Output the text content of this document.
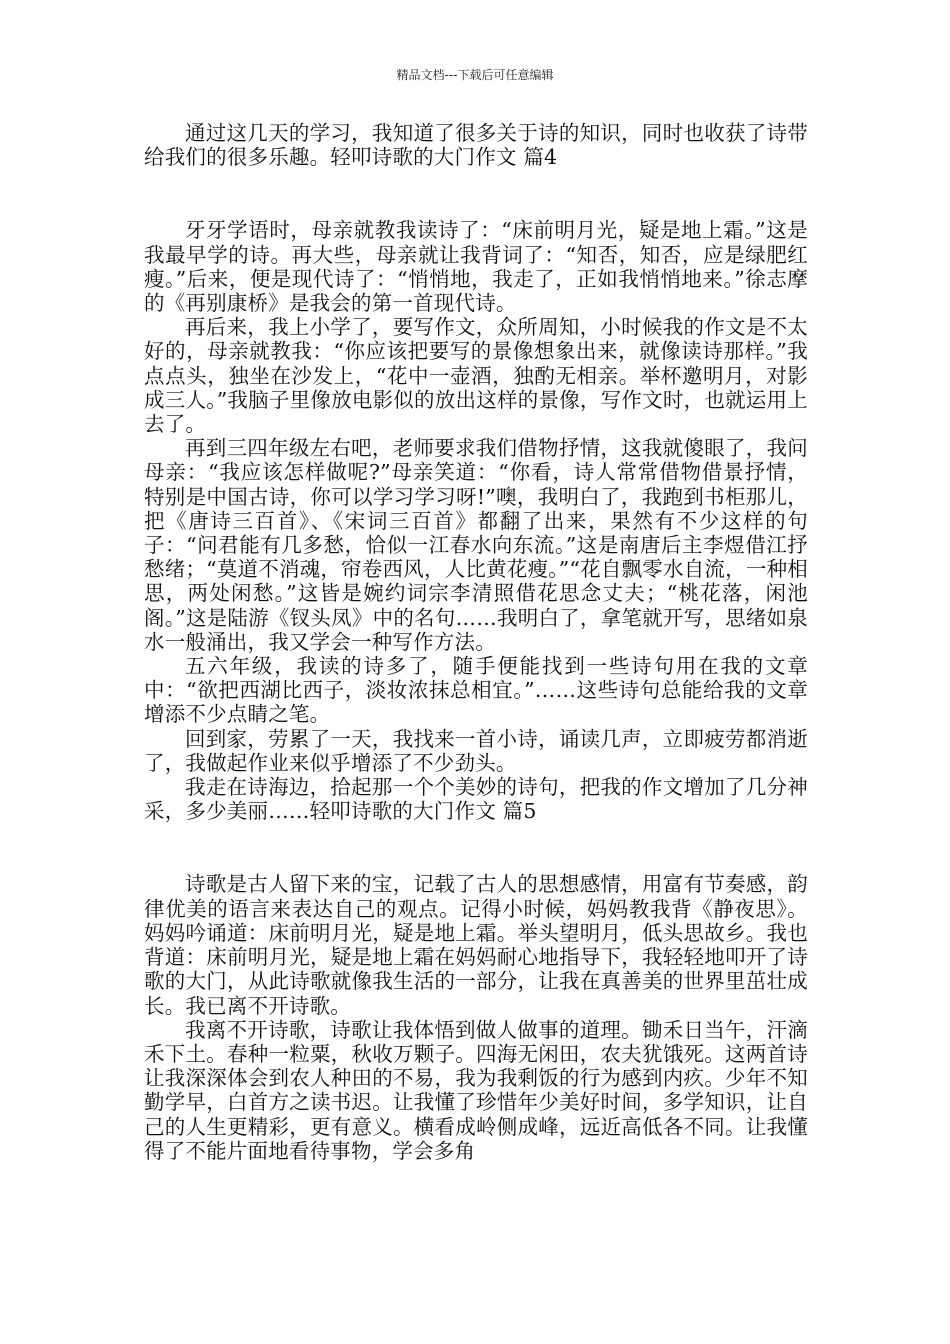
精品文档---下载后可任意编辑

通过这几天的学习，我知道了很多关于诗的知识，同时也收获了诗带给我们的很多乐趣。轻叩诗歌的大门作文 篇4

牙牙学语时，母亲就教我读诗了：“床前明月光，疑是地上霜。”这是我最早学的诗。再大些，母亲就让我背词了：“知否，知否，应是绿肥红瘦。”后来，便是现代诗了：“悄悄地，我走了，正如我悄悄地来。”徐志摩的《再别康桥》是我会的第一首现代诗。

再后来，我上小学了，要写作文，众所周知，小时候我的作文是不太好的，母亲就教我：“你应该把要写的景像想象出来，就像读诗那样。”我点点头，独坐在沙发上，“花中一壶酒，独酌无相亲。举杯邀明月，对影成三人。”我脑子里像放电影似的放出这样的景像，写作文时，也就运用上去了。

再到三四年级左右吧，老师要求我们借物抒情，这我就傻眼了，我问母亲：“我应该怎样做呢?”母亲笑道：“你看，诗人常常借物借景抒情，特别是中国古诗，你可以学习学习呀!”噢，我明白了，我跑到书柜那儿，把《唐诗三百首》、《宋词三百首》都翻了出来，果然有不少这样的句子：“问君能有几多愁，恰似一江春水向东流。”这是南唐后主李煜借江抒愁绪；“莫道不消魂，帘卷西风，人比黄花瘦。”“花自飘零水自流，一种相思，两处闲愁。”这皆是婉约词宗李清照借花思念丈夫；“桃花落，闲池阁。”这是陆游《钗头凤》中的名句……我明白了，拿笔就开写，思绪如泉水一般涌出，我又学会一种写作方法。

五六年级，我读的诗多了，随手便能找到一些诗句用在我的文章中：“欲把西湖比西子，淡妆浓抹总相宜。”……这些诗句总能给我的文章增添不少点睛之笔。

回到家，劳累了一天，我找来一首小诗，诵读几声，立即疲劳都消逝了，我做起作业来似乎增添了不少劲头。

我走在诗海边，拾起那一个个美妙的诗句，把我的作文增加了几分神采，多少美丽……轻叩诗歌的大门作文 篇5

诗歌是古人留下来的宝，记载了古人的思想感情，用富有节奏感，韵律优美的语言来表达自己的观点。记得小时候，妈妈教我背《静夜思》。妈妈吟诵道：床前明月光，疑是地上霜。举头望明月，低头思故乡。我也背道：床前明月光，疑是地上霜在妈妈耐心地指导下，我轻轻地叩开了诗歌的大门，从此诗歌就像我生活的一部分，让我在真善美的世界里茁壮成长。我已离不开诗歌。

我离不开诗歌，诗歌让我体悟到做人做事的道理。锄禾日当午，汗滴禾下土。春种一粒粟，秋收万颗子。四海无闲田，农夫犹饿死。这两首诗让我深深体会到农人种田的不易，我为我剩饭的行为感到内疚。少年不知勤学早，白首方之读书迟。让我懂了珍惜年少美好时间，多学知识，让自己的人生更精彩，更有意义。横看成岭侧成峰，远近高低各不同。让我懂得了不能片面地看待事物，学会多角
